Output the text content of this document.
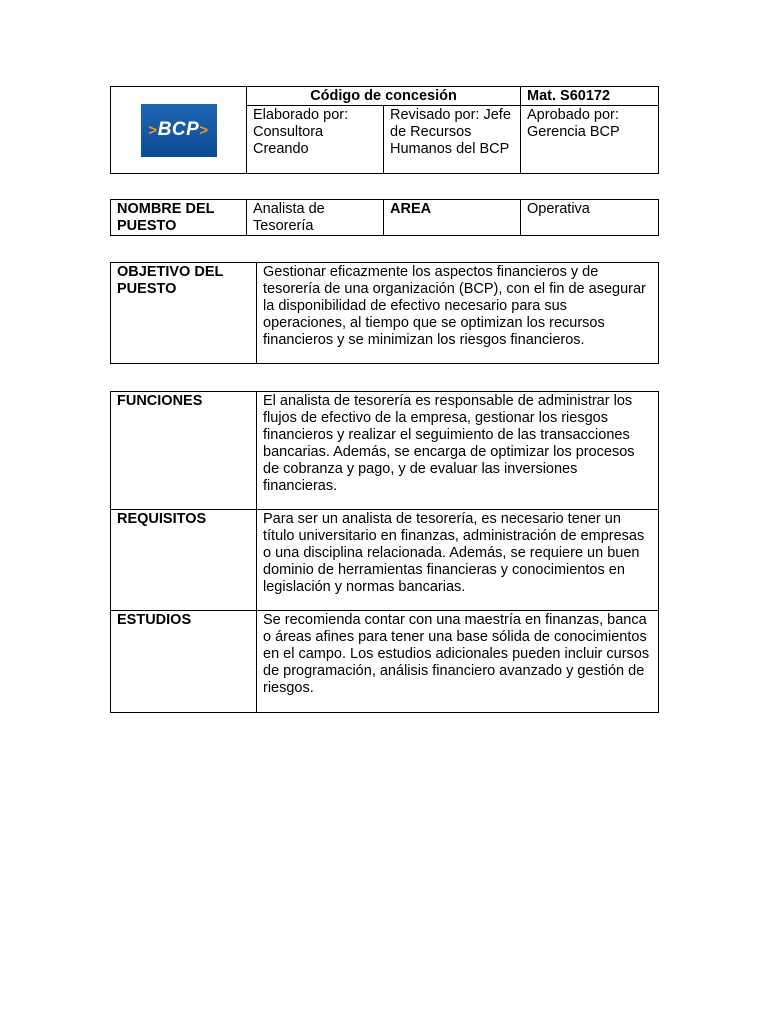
>BCP>	Código de concesión		Mat. S60172
	Elaborado por: Consultora Creando	Revisado por: Jefe de Recursos Humanos del BCP	Aprobado por: Gerencia BCP
NOMBRE DEL PUESTO	Analista de Tesorería	AREA	Operativa
OBJETIVO DEL PUESTO	Gestionar eficazmente los aspectos financieros y de tesorería de una organización (BCP), con el fin de asegurar la disponibilidad de efectivo necesario para sus operaciones, al tiempo que se optimizan los recursos financieros y se minimizan los riesgos financieros.
FUNCIONES	El analista de tesorería es responsable de administrar los flujos de efectivo de la empresa, gestionar los riesgos financieros y realizar el seguimiento de las transacciones bancarias. Además, se encarga de optimizar los procesos de cobranza y pago, y de evaluar las inversiones financieras.
REQUISITOS	Para ser un analista de tesorería, es necesario tener un título universitario en finanzas, administración de empresas o una disciplina relacionada. Además, se requiere un buen dominio de herramientas financieras y conocimientos en legislación y normas bancarias.
ESTUDIOS	Se recomienda contar con una maestría en finanzas, banca o áreas afines para tener una base sólida de conocimientos en el campo. Los estudios adicionales pueden incluir cursos de programación, análisis financiero avanzado y gestión de riesgos.
